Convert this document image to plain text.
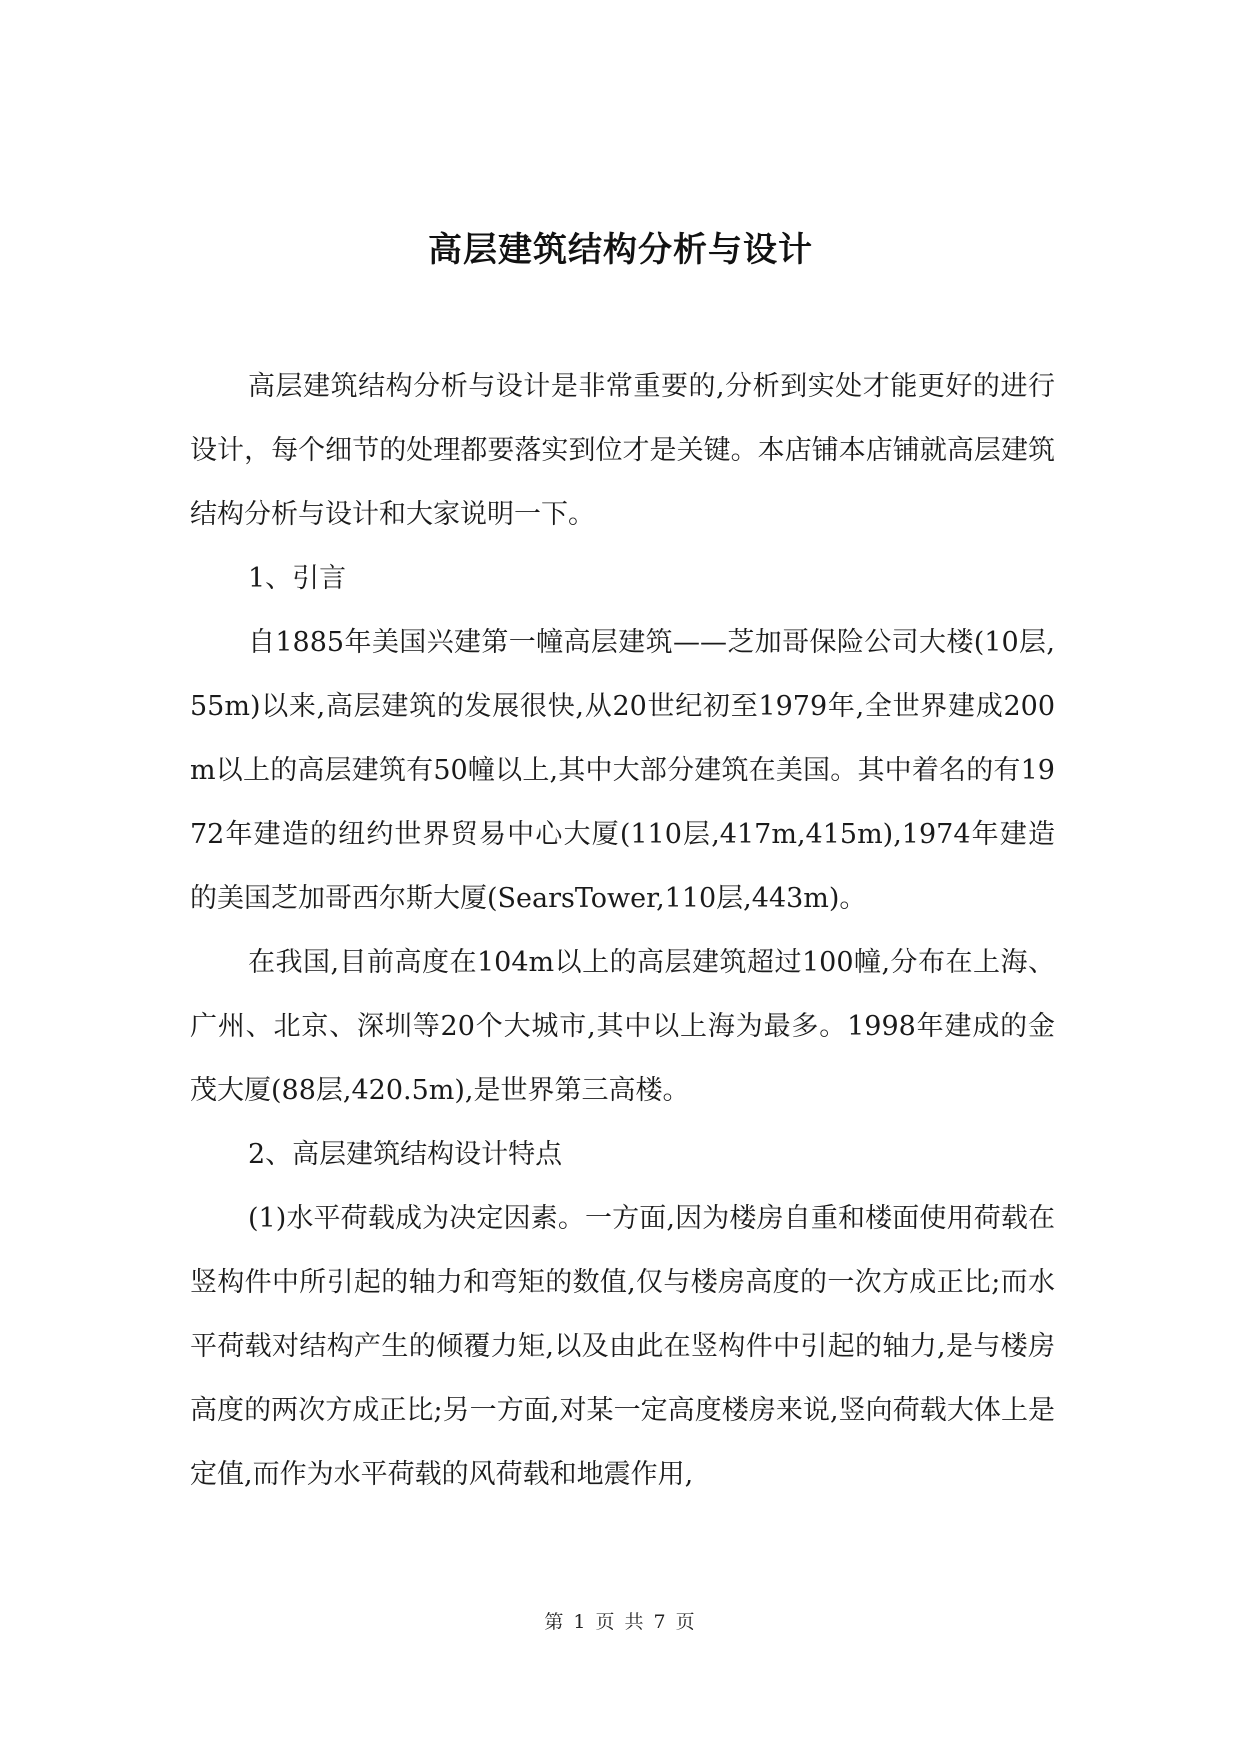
高层建筑结构分析与设计

高层建筑结构分析与设计是非常重要的,分析到实处才能更好的进行设计，每个细节的处理都要落实到位才是关键。本店铺本店铺就高层建筑结构分析与设计和大家说明一下。

1、引言

自1885年美国兴建第一幢高层建筑——芝加哥保险公司大楼(10层,55m)以来,高层建筑的发展很快,从20世纪初至1979年,全世界建成200m以上的高层建筑有50幢以上,其中大部分建筑在美国。其中着名的有1972年建造的纽约世界贸易中心大厦(110层,417m,415m),1974年建造的美国芝加哥西尔斯大厦(SearsTower,110层,443m)。

在我国,目前高度在104m以上的高层建筑超过100幢,分布在上海、广州、北京、深圳等20个大城市,其中以上海为最多。1998年建成的金茂大厦(88层,420.5m),是世界第三高楼。

2、高层建筑结构设计特点

(1)水平荷载成为决定因素。一方面,因为楼房自重和楼面使用荷载在竖构件中所引起的轴力和弯矩的数值,仅与楼房高度的一次方成正比;而水平荷载对结构产生的倾覆力矩,以及由此在竖构件中引起的轴力,是与楼房高度的两次方成正比;另一方面,对某一定高度楼房来说,竖向荷载大体上是定值,而作为水平荷载的风荷载和地震作用,

第 1 页 共 7 页
